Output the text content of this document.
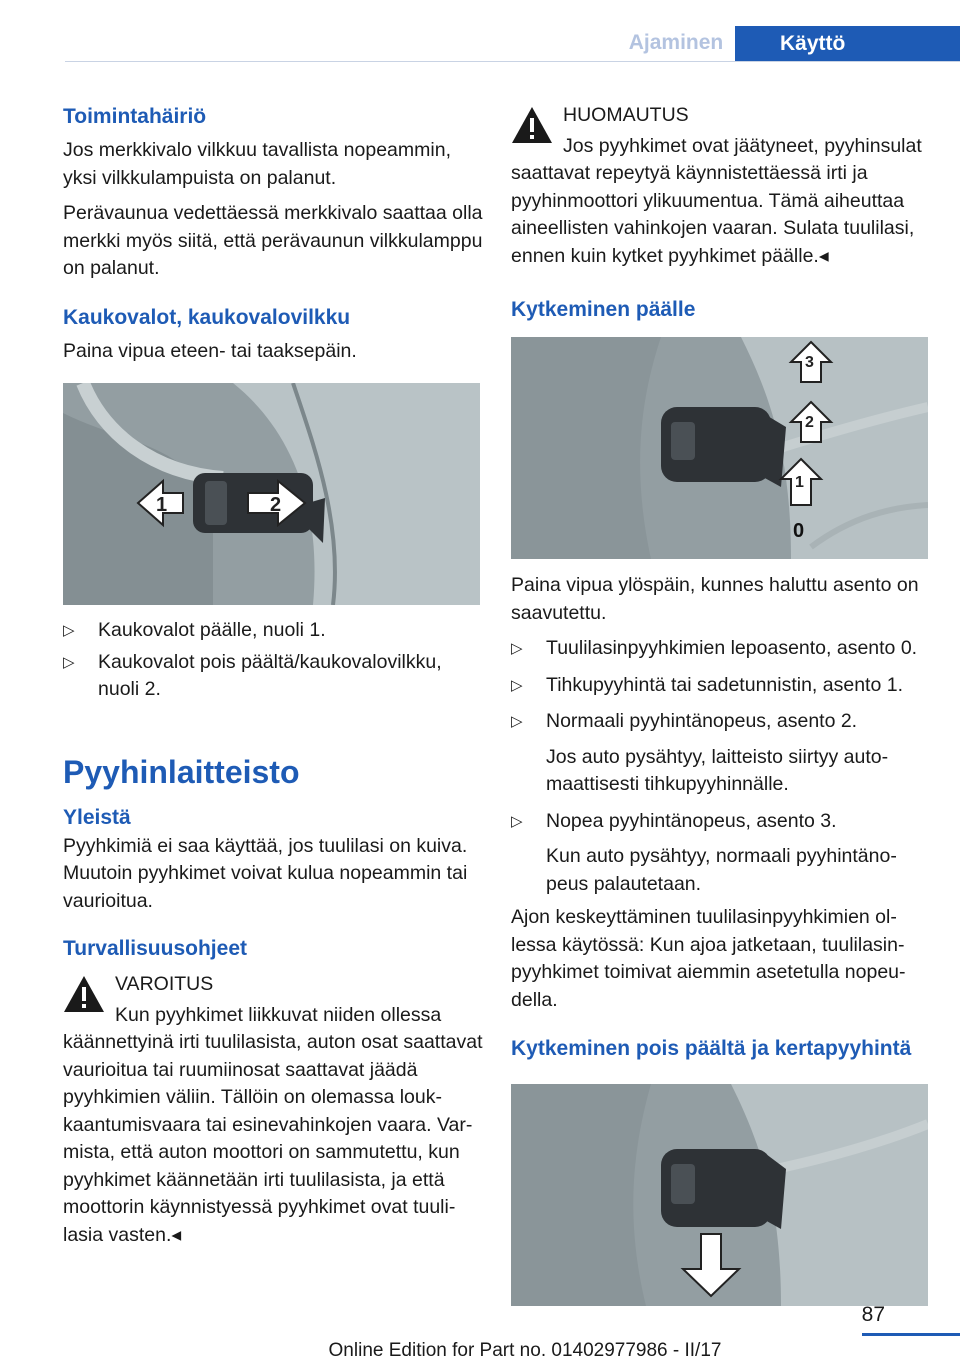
Ajaminen	Käyttö
Toimintahäiriö

Jos merkkivalo vilkkuu tavallista nopeammin, yksi vilkkulampuista on palanut.

Perävaunua vedettäessä merkkivalo saattaa olla merkki myös siitä, että perävaunun vilkkulamppu on palanut.

Kaukovalot, kaukovalovilkku

Paina vipua eteen- tai taaksepäin.

1	2
▷ Kaukovalot päälle, nuoli 1.
▷ Kaukovalot pois päältä/kaukovalovilkku, nuoli 2.
Pyyhinlaitteisto
Yleistä

Pyyhkimiä ei saa käyttää, jos tuulilasi on kuiva. Muutoin pyyhkimet voivat kulua nopeammin tai vaurioitua.

Turvallisuusohjeet

VAROITUS

Kun pyyhkimet liikkuvat niiden ollessa käännettyinä irti tuulilasista, auton osat saattavat vaurioitua tai ruumiinosat saattavat jäädä pyyhkimien väliin. Tällöin on olemassa loukkaantumisvaara tai esinevahinkojen vaara. Varmista, että auton moottori on sammutettu, kun pyyhkimet käännetään irti tuulilasista, ja että moottorin käynnistyessä pyyhkimet ovat tuulilasia vasten.◂

HUOMAUTUS

Jos pyyhkimet ovat jäätyneet, pyyhinsulat saattavat repeytyä käynnistettäessä irti ja pyyhinmoottori ylikuumentua. Tämä aiheuttaa aineellisten vahinkojen vaaran. Sulata tuulilasi, ennen kuin kytket pyyhkimet päälle.◂

Kytkeminen päälle
3
2
1
0

Paina vipua ylöspäin, kunnes haluttu asento on saavutettu.

▷ Tuulilasinpyyhkimien lepoasento, asento 0.
▷ Tihkupyyhintä tai sadetunnistin, asento 1.
▷ Normaali pyyhintänopeus, asento 2.
Jos auto pysähtyy, laitteisto siirtyy automaattisesti tihkupyyhinnälle.
▷ Nopea pyyhintänopeus, asento 3.
Kun auto pysähtyy, normaali pyyhintänopeus palautetaan.

Ajon keskeyttäminen tuulilasinpyyhkimien ollessa käytössä: Kun ajoa jatketaan, tuulilasinpyyhkimet toimivat aiemmin asetetulla nopeudella.

Kytkeminen pois päältä ja kertapyyhintä
87
Online Edition for Part no. 01402977986 - II/17
